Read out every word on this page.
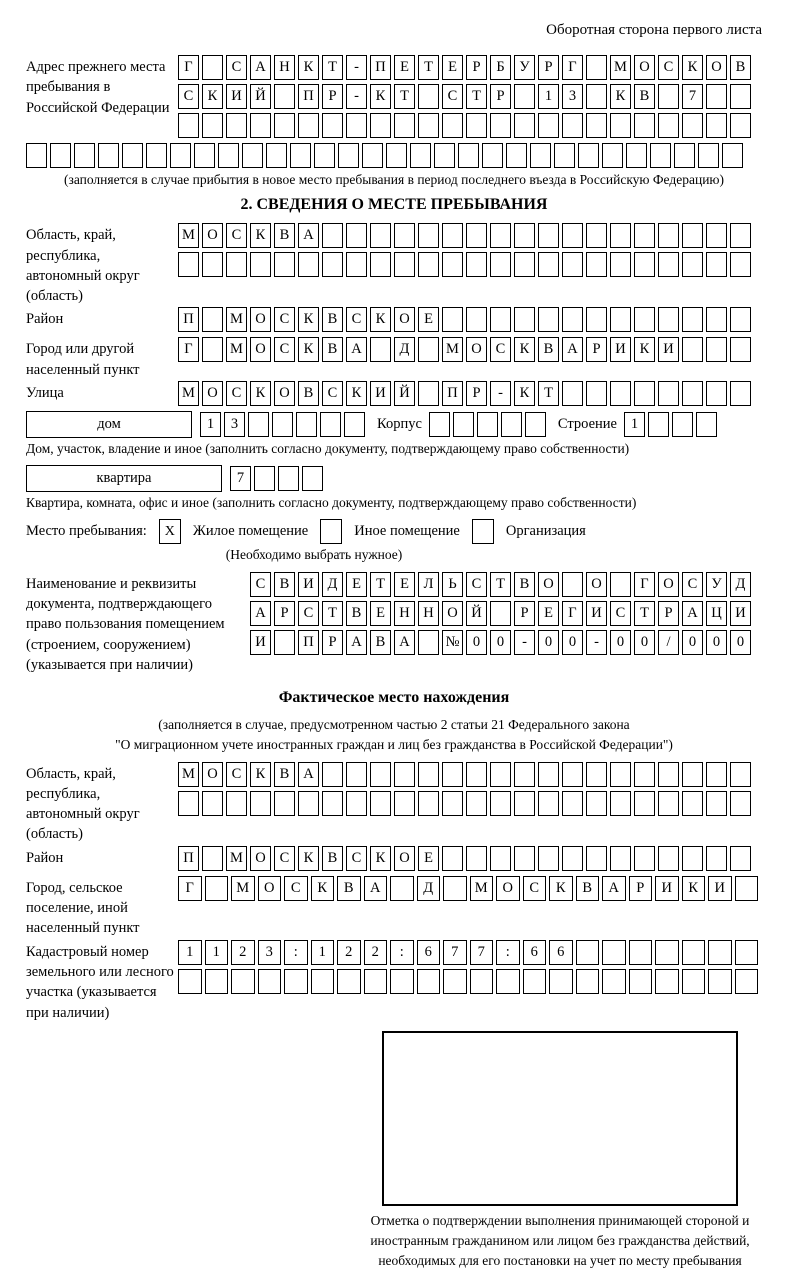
Оборотная сторона первого листа
Адрес прежнего места пребывания в Российской Федерации
Г	С А Н К	Т	-	П Е	Т	Е	Р	Б	У	Р	Г	М О С К О В
С К И Й	П	Р	-	К	Т	С	Т	Р	1	3	К В	7
(заполняется в случае прибытия в новое место пребывания в период последнего въезда в Российскую Федерацию)
2. СВЕДЕНИЯ О МЕСТЕ ПРЕБЫВАНИЯ
Область, край, республика, автономный округ (область)
М О С К В А
Район	П	М О С К В С К О Е
Город или другой населенный пункт
Г	М О С К В А	Д	М О С К В А	Р	И К И
Улица	М О С К О В С К И Й	П	Р	-	К	Т
дом	1	3	Корпус	Строение 1
Дом, участок, владение и иное (заполнить согласно документу, подтверждающему право собственности)
квартира	7
Квартира, комната, офис и иное (заполнить согласно документу, подтверждающему право собственности)
Место пребывания:	X	Жилое помещение	Иное помещение	Организация
(Необходимо выбрать нужное)
Наименование и реквизиты документа, подтверждающего право пользования помещением (строением, сооружением) (указывается при наличии)
С В И Д	Е	Т	Е	Л	Ь	С	Т	В О	О	Г	О С У Д
А	Р	С	Т	В	Е Н Н О Й	Р	Е	Г	И С	Т	Р	А Ц И
И	П	Р	А В А	№ 0	0	-	0	0	-	0	0	/	0	0	0
Фактическое место нахождения
(заполняется в случае, предусмотренном частью 2 статьи 21 Федерального закона
"О миграционном учете иностранных граждан и лиц без гражданства в Российской Федерации")
Область, край, республика, автономный округ (область)
М О С К В А
Район	П	М О С К В С К О Е
Город, сельское поселение, иной населенный пункт
Г	М	О	С	К	В	А	Д	М	О	С	К	В	А	Р	И	К	И
Кадастровый номер земельного или лесного участка (указывается при наличии)
1	1	2	3	:	1	2	2	:	6	7	7	:	6	6
Отметка о подтверждении выполнения принимающей стороной и иностранным гражданином или лицом без гражданства действий, необходимых для его постановки на учет по месту пребывания
